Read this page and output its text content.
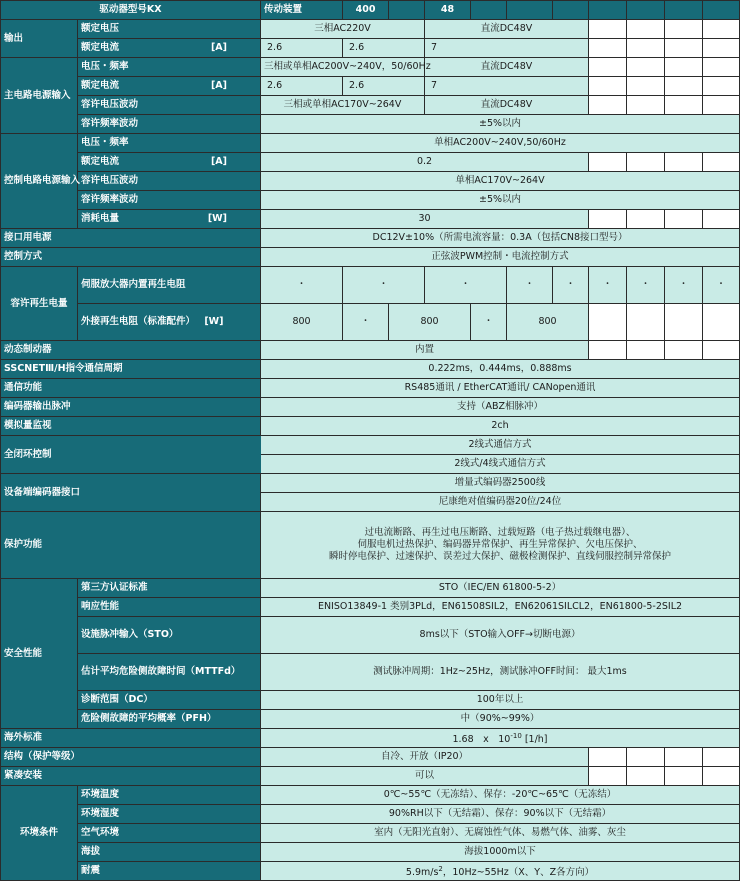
驱动器型号KX		传动装置	400		48								
输出	额定电压	三相AC220V			直流DC48V								
	额定电流 [A]	2.6	2.6		7								
主电路电源输入	电压・频率	三相或单相AC200V~240V，50/60Hz			直流DC48V								
	额定电流 [A]	2.6	2.6		7								
	容许电压波动	三相或单相AC170V~264V			直流DC48V								
	容许频率波动	±5%以内											
控制电路电源输入	电压・频率	单相AC200V~240V,50/60Hz											
	额定电流 [A]	0.2											
	容许电压波动	单相AC170V~264V											
	容许频率波动	±5%以内											
	消耗电量 [W]	30											
接口用电源		DC12V±10%（所需电流容量：0.3A（包括CN8接口型号）											
控制方式		正弦波PWM控制・电流控制方式											
容许再生电量	伺服放大器内置再生电阻	・	・		・		・	・	・	・	・	・	
	外接再生电阻（标准配件） [W]	800	・	800		・	800						
动态制动器		内置											
SSCNETⅢ/H指令通信周期		0.222ms，0.444ms，0.888ms											
通信功能		RS485通讯 / EtherCAT通讯/ CANopen通讯											
编码器输出脉冲		支持（ABZ相脉冲）											
模拟量监视		2ch											
全闭环控制		2线式通信方式											
		2线式/4线式通信方式											
设备端编码器接口		增量式编码器2500线											
		尼康绝对值编码器20位/24位											
保护功能		过电流断路、再生过电压断路、过载短路（电子热过载继电器）、
伺服电机过热保护、编码器异常保护、再生异常保护、欠电压保护、
瞬时停电保护、过速保护、误差过大保护、磁极检测保护、直线伺服控制异常保护											

安全性能	第三方认证标准	STO（IEC/EN 61800-5-2）											
	响应性能	ENISO13849-1 类别3PLd，EN61508SIL2，EN62061SILCL2，EN61800-5-2SIL2											
	设施脉冲输入（STO）	8ms以下（STO输入OFF→切断电源）											
	估计平均危险侧故障时间（MTTFd）	测试脉冲周期：1Hz~25Hz，测试脉冲OFF时间： 最大1ms											
	诊断范围（DC）	100年以上											
	危险侧故障的平均概率（PFH）	中（90%~99%）											
海外标准		1.68　x　$10^{-10}$ [1/h]											
结构（保护等级）		自冷、开放（IP20）											
紧凑安装		可以											
环境条件	环境温度	0℃~55℃（无冻结）、保存：-20℃~65℃（无冻结）											
	环境湿度	90%RH以下（无结霜）、保存：90%以下（无结霜）											
	空气环境	室内（无阳光直射）、无腐蚀性气体、易燃气体、油雾、灰尘											
	海拔	海拔1000m以下											
	耐震	$5.9m/s^2$，10Hz~55Hz（X、Y、Z各方向）											
